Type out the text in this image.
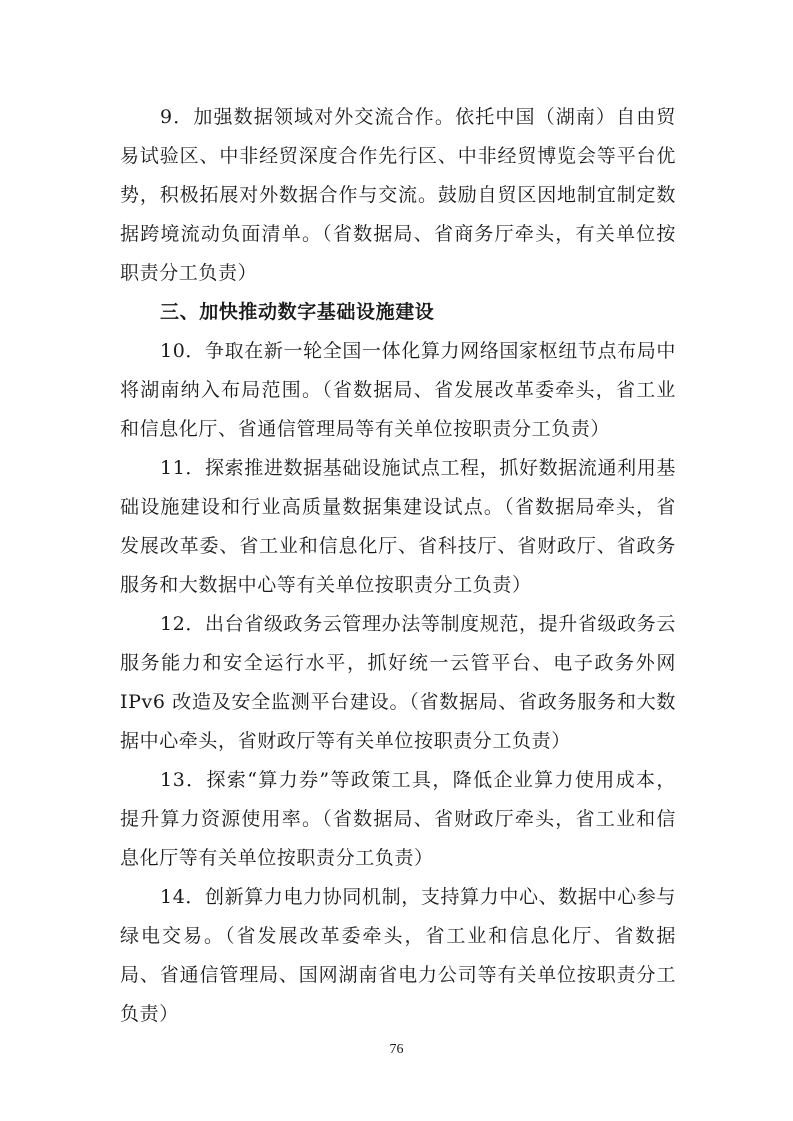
9．加强数据领域对外交流合作。依托中国（湖南）自由贸易试验区、中非经贸深度合作先行区、中非经贸博览会等平台优势，积极拓展对外数据合作与交流。鼓励自贸区因地制宜制定数据跨境流动负面清单。（省数据局、省商务厅牵头，有关单位按职责分工负责）

三、加快推动数字基础设施建设

10．争取在新一轮全国一体化算力网络国家枢纽节点布局中将湖南纳入布局范围。（省数据局、省发展改革委牵头，省工业和信息化厅、省通信管理局等有关单位按职责分工负责）

11．探索推进数据基础设施试点工程，抓好数据流通利用基础设施建设和行业高质量数据集建设试点。（省数据局牵头，省发展改革委、省工业和信息化厅、省科技厅、省财政厅、省政务服务和大数据中心等有关单位按职责分工负责）

12．出台省级政务云管理办法等制度规范，提升省级政务云服务能力和安全运行水平，抓好统一云管平台、电子政务外网 IPv6 改造及安全监测平台建设。（省数据局、省政务服务和大数据中心牵头，省财政厅等有关单位按职责分工负责）

13．探索“算力券”等政策工具，降低企业算力使用成本，提升算力资源使用率。（省数据局、省财政厅牵头，省工业和信息化厅等有关单位按职责分工负责）

14．创新算力电力协同机制，支持算力中心、数据中心参与绿电交易。（省发展改革委牵头，省工业和信息化厅、省数据局、省通信管理局、国网湖南省电力公司等有关单位按职责分工负责）

76
